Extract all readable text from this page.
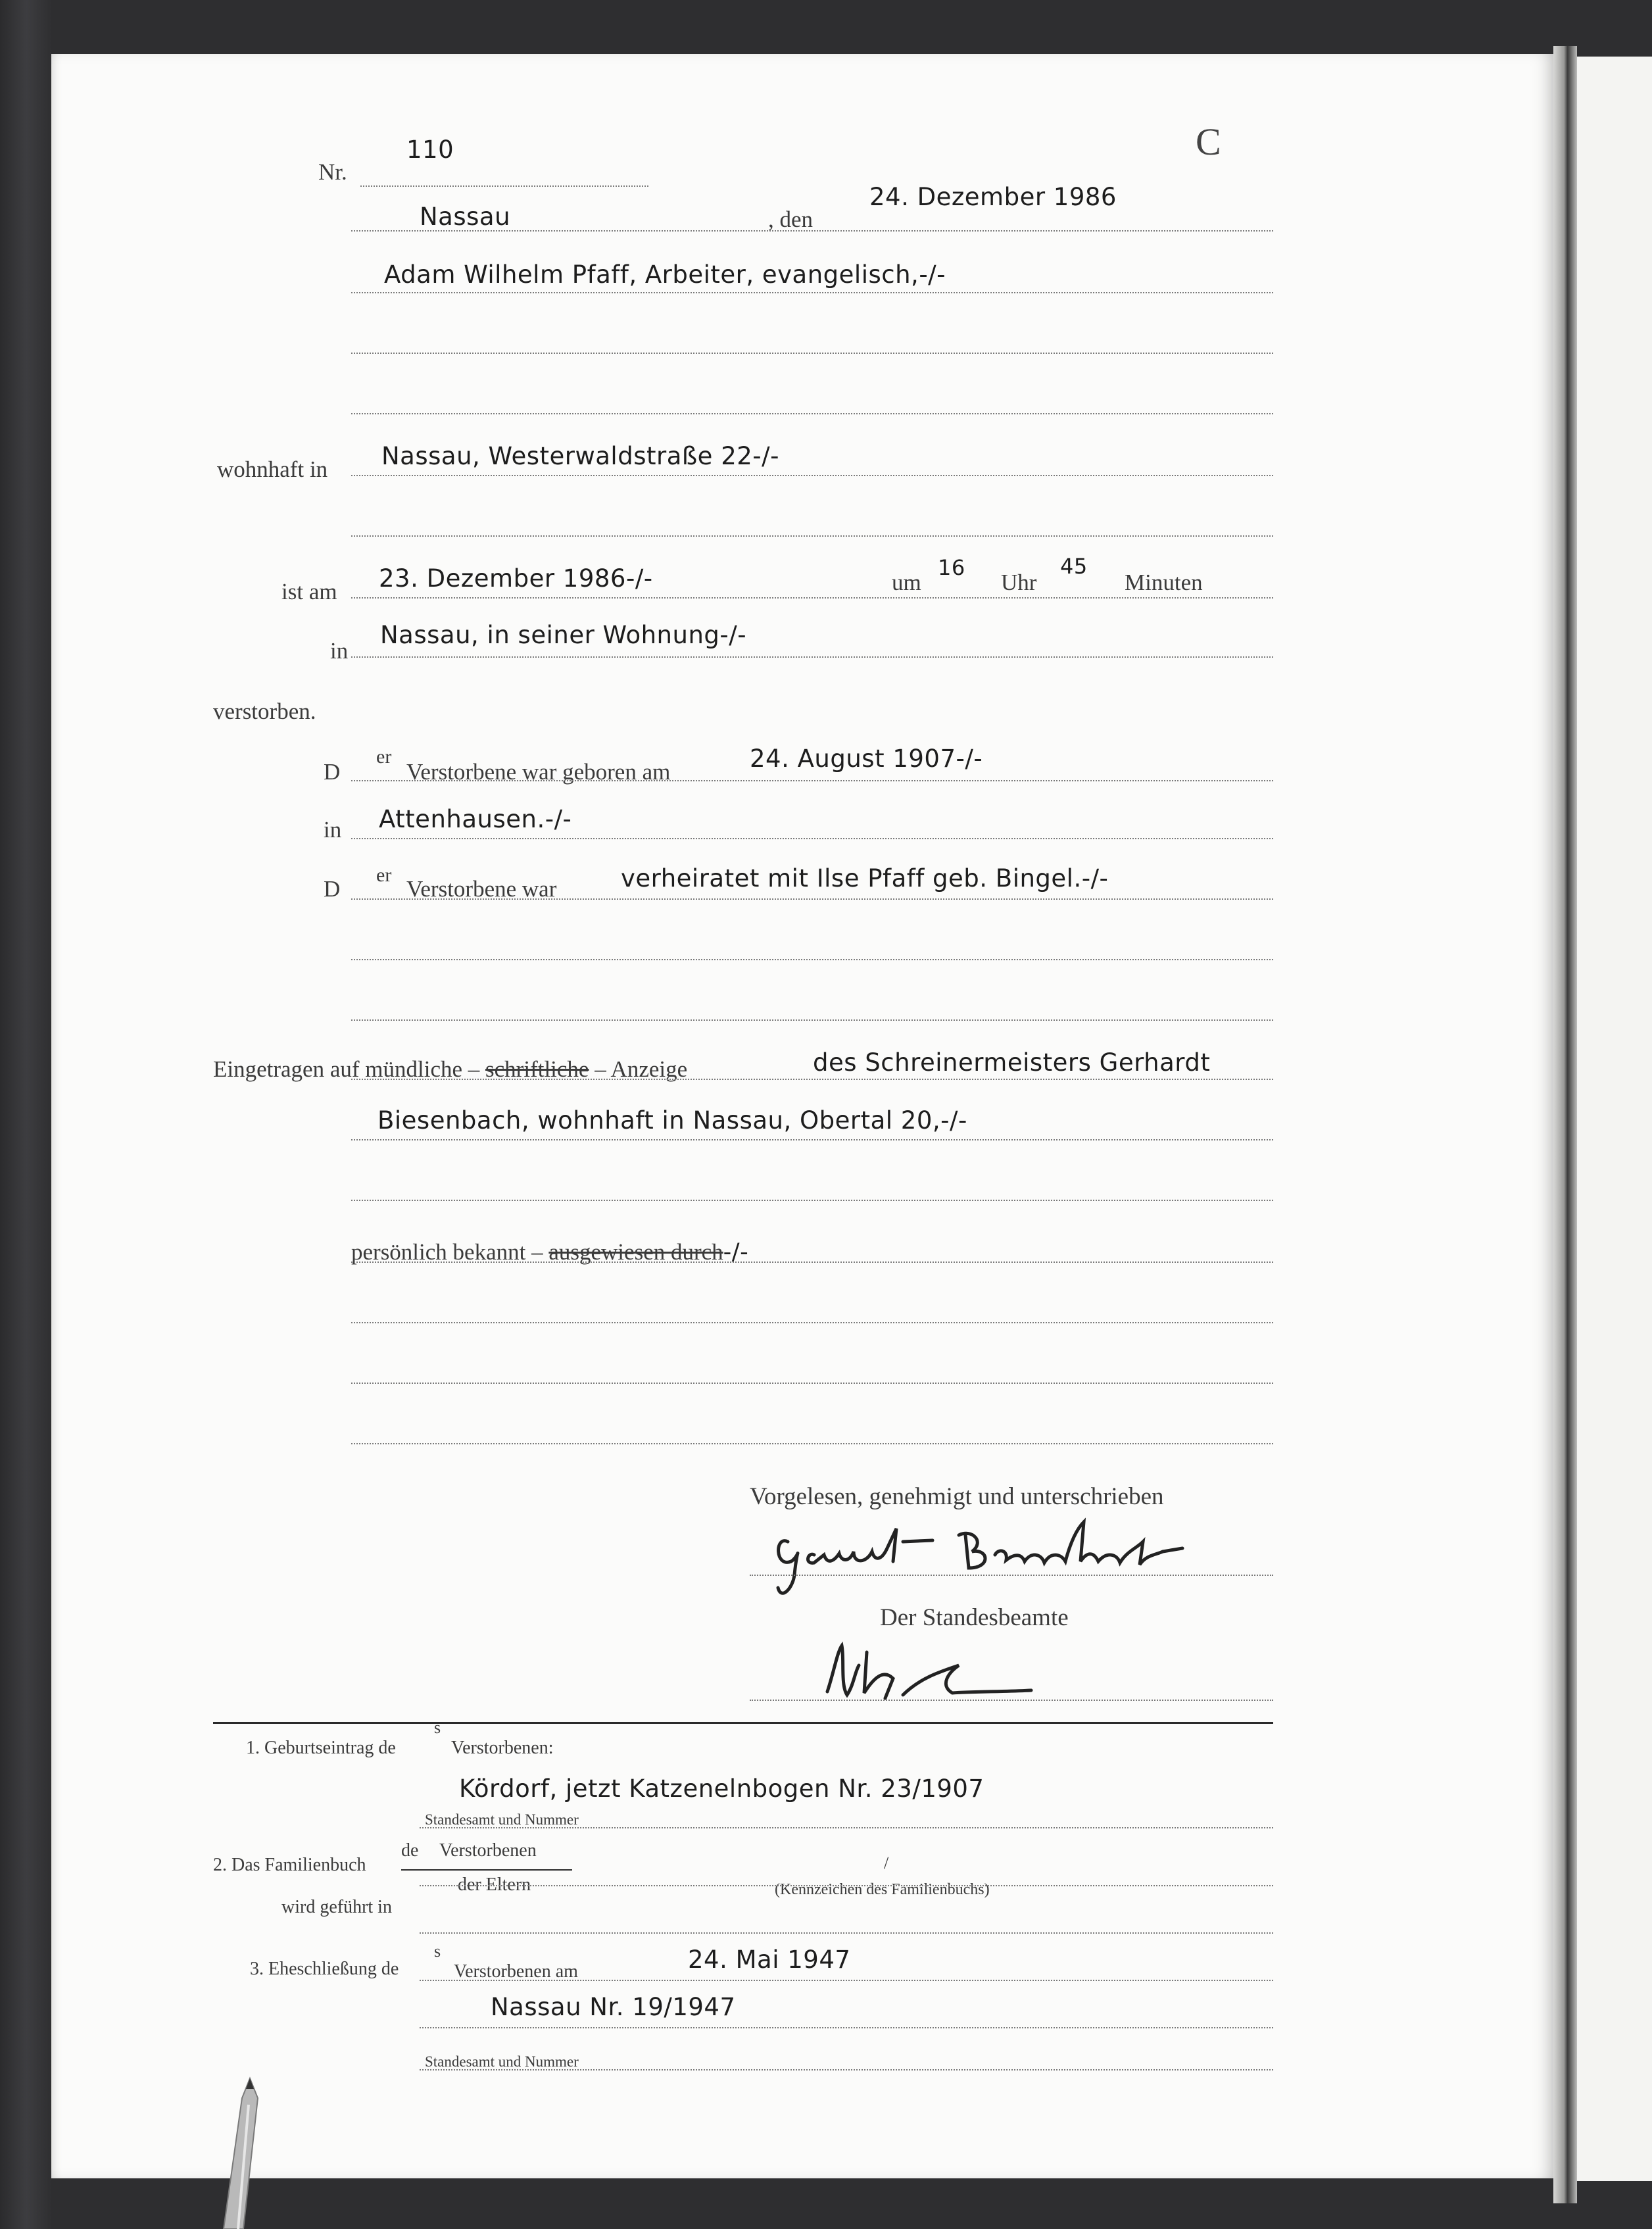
C
Nr.
110
Nassau	, den
24. Dezember 1986
Adam Wilhelm Pfaff, Arbeiter, evangelisch,-/-
wohnhaft in Nassau, Westerwaldstraße 22-/-
ist am 23. Dezember 1986-/-	um
16
Uhr
45
Minuten
in
Nassau, in seiner Wohnung-/-
verstorben.
D
er
Verstorbene war geboren am	24. August 1907-/-
in Attenhausen.-/-
D
er
Verstorbene war	verheiratet mit Ilse Pfaff geb. Bingel.-/-
Eingetragen auf mündliche – schriftliche – Anzeige	des Schreinermeisters Gerhardt
Biesenbach, wohnhaft in Nassau, Obertal 20,-/-
persönlich bekannt – ausgewiesen durch-/-
Vorgelesen, genehmigt und unterschrieben
Der Standesbeamte
1. Geburtseintrag de
s
Verstorbenen:
Kördorf, jetzt Katzenelnbogen Nr. 23/1907
Standesamt und Nummer
2. Das Familienbuch
de Verstorbenen
der Eltern
/
(Kennzeichen des Familienbuchs)
wird geführt in
3. Eheschließung de
s
Verstorbenen am	24. Mai 1947
Nassau Nr. 19/1947
Standesamt und Nummer
